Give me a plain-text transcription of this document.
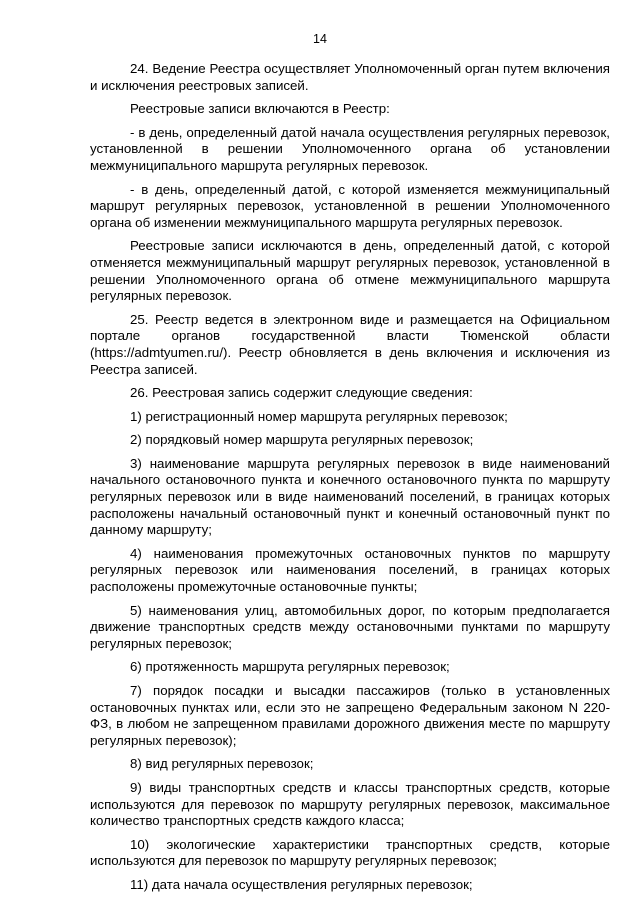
14

24. Ведение Реестра осуществляет Уполномоченный орган путем включения и исключения реестровых записей.

Реестровые записи включаются в Реестр:

- в день, определенный датой начала осуществления регулярных перевозок, установленной в решении Уполномоченного органа об установлении межмуниципального маршрута регулярных перевозок.

- в день, определенный датой, с которой изменяется межмуниципальный маршрут регулярных перевозок, установленной в решении Уполномоченного органа об изменении межмуниципального маршрута регулярных перевозок.

Реестровые записи исключаются в день, определенный датой, с которой отменяется межмуниципальный маршрут регулярных перевозок, установленной в решении Уполномоченного органа об отмене межмуниципального маршрута регулярных перевозок.

25. Реестр ведется в электронном виде и размещается на Официальном портале органов государственной власти Тюменской области (https://admtyumen.ru/). Реестр обновляется в день включения и исключения из Реестра записей.

26. Реестровая запись содержит следующие сведения:

1) регистрационный номер маршрута регулярных перевозок;

2) порядковый номер маршрута регулярных перевозок;

3) наименование маршрута регулярных перевозок в виде наименований начального остановочного пункта и конечного остановочного пункта по маршруту регулярных перевозок или в виде наименований поселений, в границах которых расположены начальный остановочный пункт и конечный остановочный пункт по данному маршруту;

4) наименования промежуточных остановочных пунктов по маршруту регулярных перевозок или наименования поселений, в границах которых расположены промежуточные остановочные пункты;

5) наименования улиц, автомобильных дорог, по которым предполагается движение транспортных средств между остановочными пунктами по маршруту регулярных перевозок;

6) протяженность маршрута регулярных перевозок;

7) порядок посадки и высадки пассажиров (только в установленных остановочных пунктах или, если это не запрещено Федеральным законом N 220-ФЗ, в любом не запрещенном правилами дорожного движения месте по маршруту регулярных перевозок);

8) вид регулярных перевозок;

9) виды транспортных средств и классы транспортных средств, которые используются для перевозок по маршруту регулярных перевозок, максимальное количество транспортных средств каждого класса;

10) экологические характеристики транспортных средств, которые используются для перевозок по маршруту регулярных перевозок;

11) дата начала осуществления регулярных перевозок;
